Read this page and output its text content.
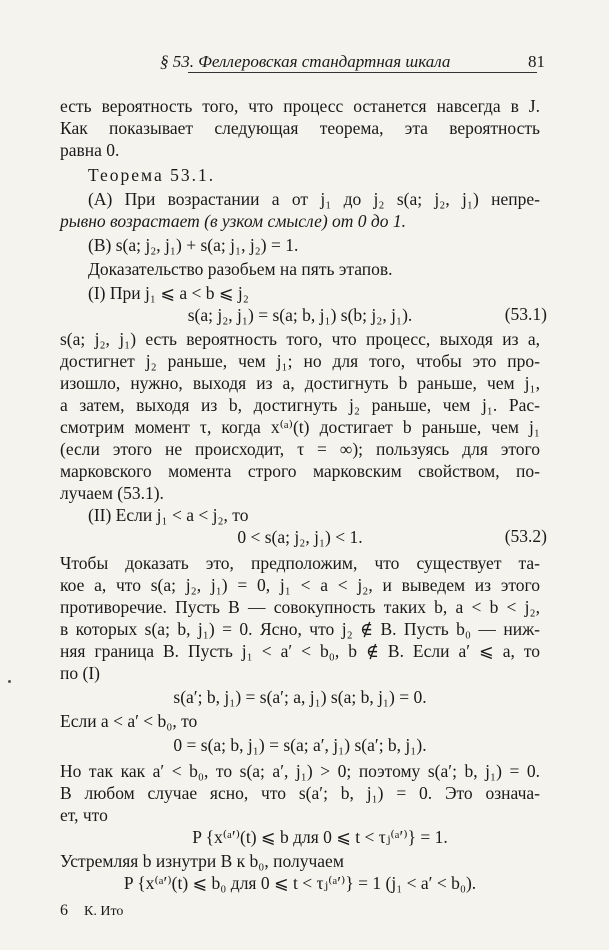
§ 53. Феллеровская стандартная шкала	81
есть вероятность того, что процесс останется навсегда в J.
Как показывает следующая теорема, эта вероятность
равна 0.
Теорема 53.1.
(А) При возрастании a от j₁ до j₂ s(a; j₂, j₁) непре-
рывно возрастает (в узком смысле) от 0 до 1.
(В) s(a; j₂, j₁) + s(a; j₁, j₂) = 1.
Доказательство разобьем на пять этапов.
(I) При j₁ ⩽ a < b ⩽ j₂
s(a; j₂, j₁) = s(a; b, j₁) s(b; j₂, j₁).	(53.1)
s(a; j₂, j₁) есть вероятность того, что процесс, выходя из a,
достигнет j₂ раньше, чем j₁; но для того, чтобы это про-
изошло, нужно, выходя из a, достигнуть b раньше, чем j₁,
а затем, выходя из b, достигнуть j₂ раньше, чем j₁. Рас-
смотрим момент τ, когда x⁽ᵃ⁾(t) достигает b раньше, чем j₁
(если этого не происходит, τ = ∞); пользуясь для этого
марковского момента строго марковским свойством, по-
лучаем (53.1).
(II) Если j₁ < a < j₂, то
0 < s(a; j₂, j₁) < 1.	(53.2)
Чтобы доказать это, предположим, что существует та-
кое a, что s(a; j₂, j₁) = 0, j₁ < a < j₂, и выведем из этого
противоречие. Пусть B — совокупность таких b, a < b < j₂,
в которых s(a; b, j₁) = 0. Ясно, что j₂ ∉ B. Пусть b₀ — ниж-
няя граница B. Пусть j₁ < a′ < b₀, b ∉ B. Если a′ ⩽ a, то
по (I)
s(a′; b, j₁) = s(a′; a, j₁) s(a; b, j₁) = 0.
Если a < a′ < b₀, то
0 = s(a; b, j₁) = s(a; a′, j₁) s(a′; b, j₁).
Но так как a′ < b₀, то s(a; a′, j₁) > 0; поэтому s(a′; b, j₁) = 0.
В любом случае ясно, что s(a′; b, j₁) = 0. Это означа-
ет, что
P {x⁽ᵃ′⁾(t) ⩽ b для 0 ⩽ t < τⱼ⁽ᵃ′⁾} = 1.
Устремляя b изнутри B к b₀, получаем
P {x⁽ᵃ′⁾(t) ⩽ b₀ для 0 ⩽ t < τⱼ⁽ᵃ′⁾} = 1 (j₁ < a′ < b₀).
6 К. Ито
